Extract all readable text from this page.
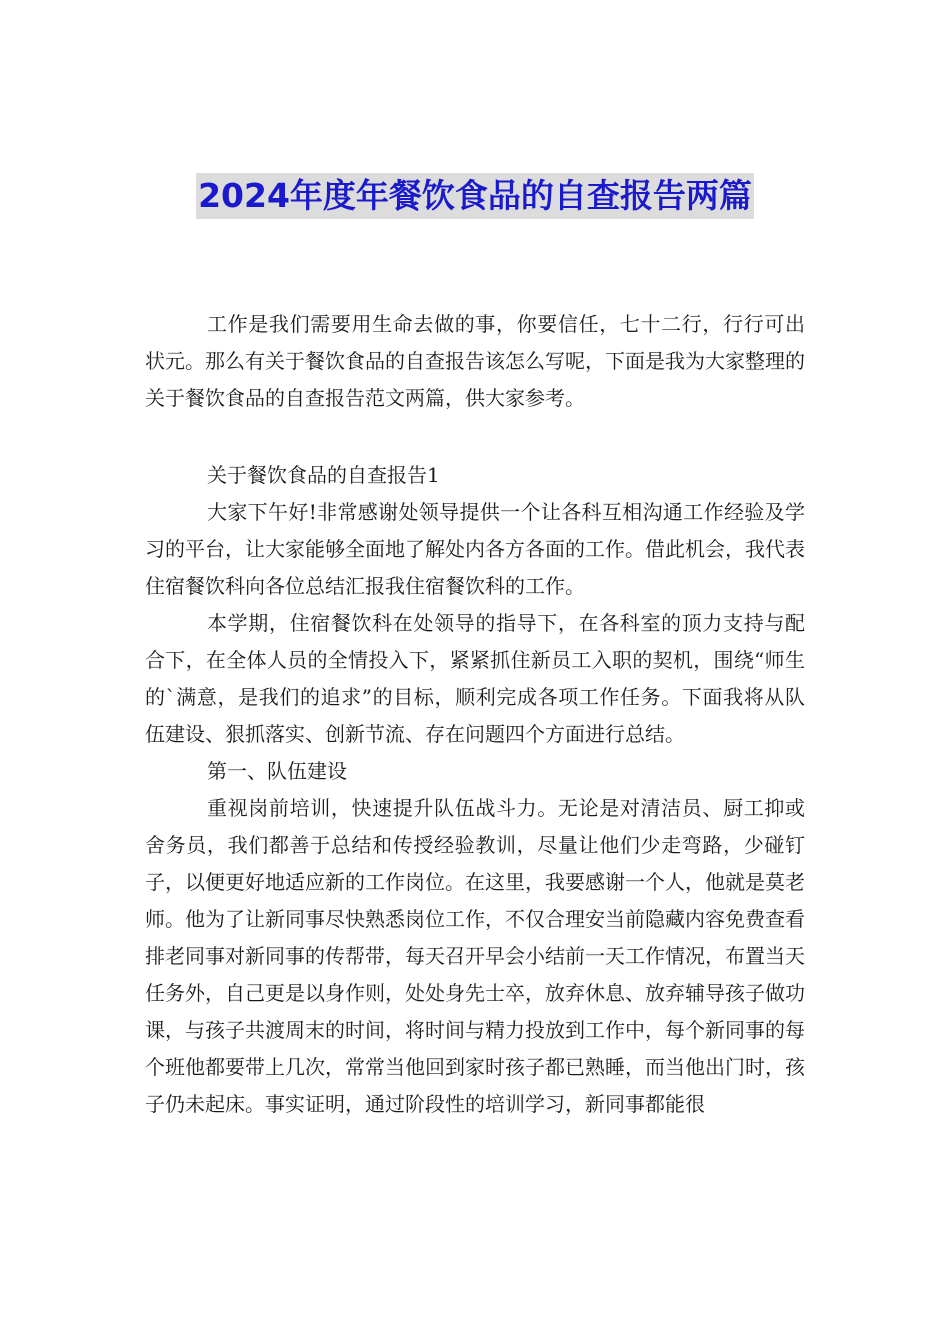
2024年度年餐饮食品的自查报告两篇

工作是我们需要用生命去做的事，你要信任，七十二行，行行可出状元。那么有关于餐饮食品的自查报告该怎么写呢，下面是我为大家整理的关于餐饮食品的自查报告范文两篇，供大家参考。

关于餐饮食品的自查报告1

大家下午好!非常感谢处领导提供一个让各科互相沟通工作经验及学习的平台，让大家能够全面地了解处内各方各面的工作。借此机会，我代表住宿餐饮科向各位总结汇报我住宿餐饮科的工作。

本学期，住宿餐饮科在处领导的指导下，在各科室的顶力支持与配合下，在全体人员的全情投入下，紧紧抓住新员工入职的契机，围绕“师生的`满意，是我们的追求”的目标，顺利完成各项工作任务。下面我将从队伍建设、狠抓落实、创新节流、存在问题四个方面进行总结。

第一、队伍建设

重视岗前培训，快速提升队伍战斗力。无论是对清洁员、厨工抑或舍务员，我们都善于总结和传授经验教训，尽量让他们少走弯路，少碰钉子，以便更好地适应新的工作岗位。在这里，我要感谢一个人，他就是莫老师。他为了让新同事尽快熟悉岗位工作，不仅合理安当前隐藏内容免费查看排老同事对新同事的传帮带，每天召开早会小结前一天工作情况，布置当天任务外，自己更是以身作则，处处身先士卒，放弃休息、放弃辅导孩子做功课，与孩子共渡周末的时间，将时间与精力投放到工作中，每个新同事的每个班他都要带上几次，常常当他回到家时孩子都已熟睡，而当他出门时，孩子仍未起床。事实证明，通过阶段性的培训学习，新同事都能很
